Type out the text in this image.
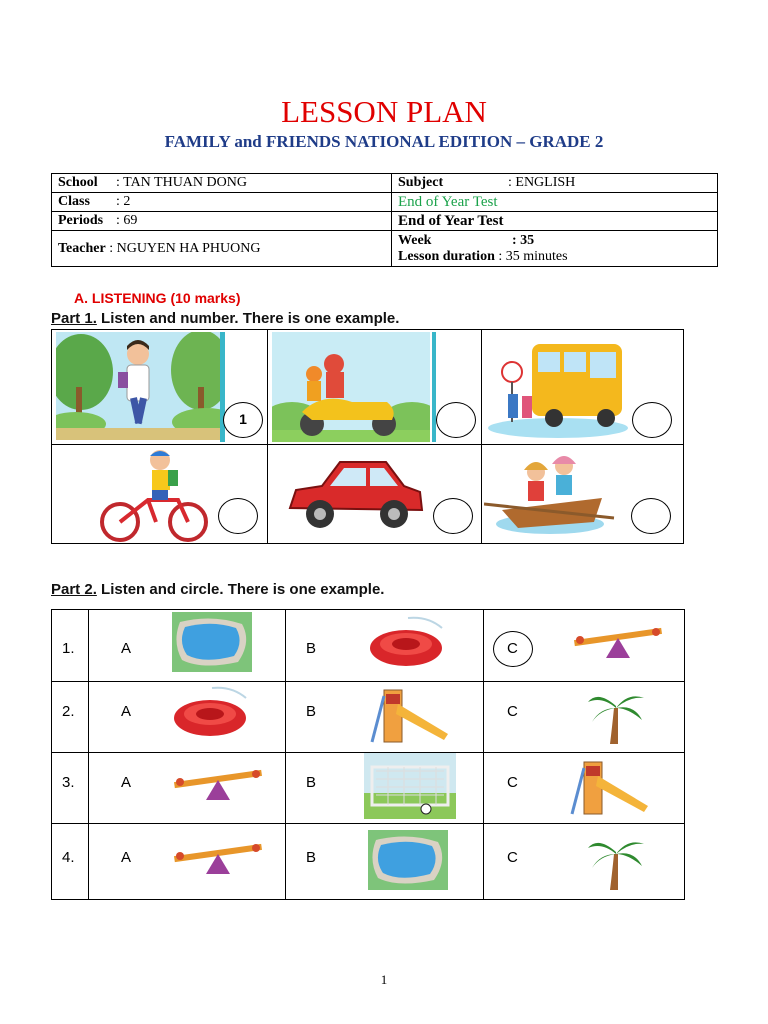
LESSON PLAN
FAMILY and FRIENDS NATIONAL EDITION – GRADE 2
School : TAN THUAN DONG	Subject : ENGLISH
Class : 2	End of Year Test
Periods : 69	End of Year Test
Teacher : NGUYEN HA PHUONG	Week : 35
Lesson duration : 35 minutes
A. LISTENING (10 marks)
Part 1. Listen and number. There is one example.
1
Part 2. Listen and circle. There is one example.
1.	A	B	C
2.	A	B	C
3.	A	B	C
4.	A	B	C
1
